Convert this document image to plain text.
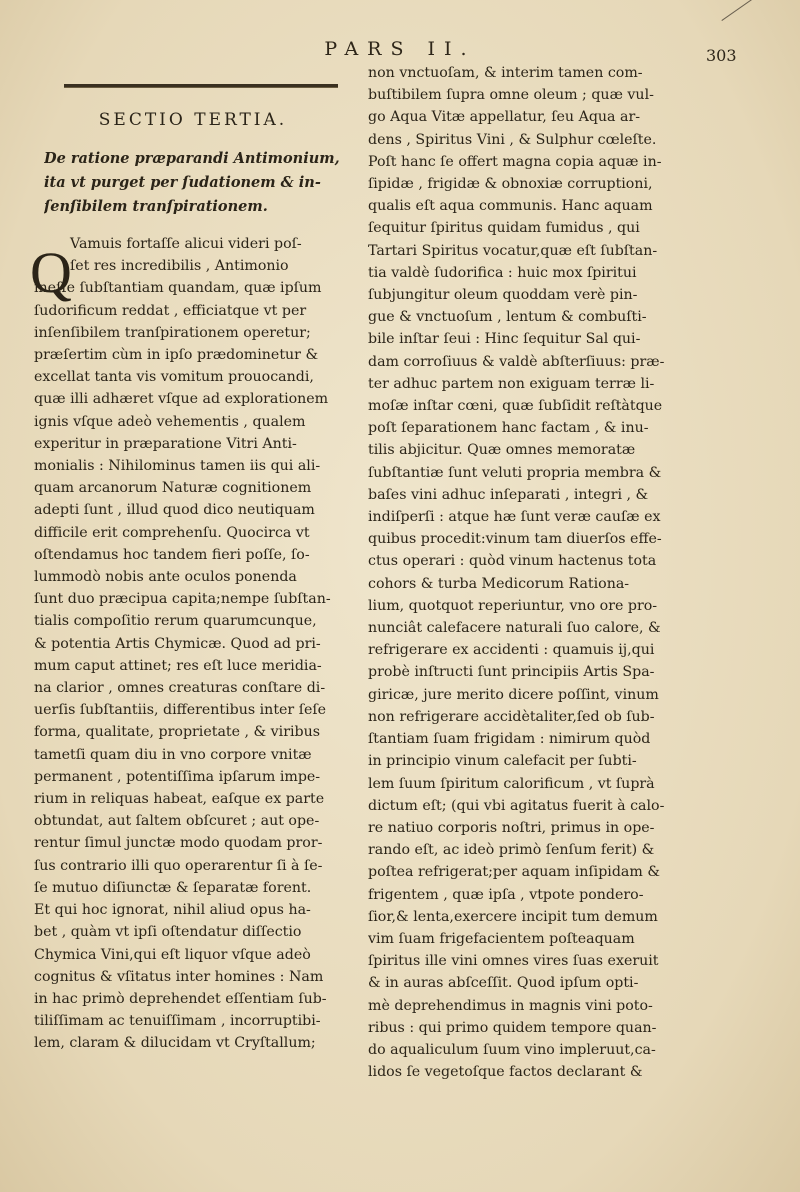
PARS II.	303
SECTIO TERTIA.
De ratione præparandi Antimonium,
ita vt purget per ſudationem & in-
ſenſibilem tranſpirationem.
Q
Vamuis fortaſſe alicui videri poſ-
ſet res incredibilis , Antimonio
ineſſe ſubſtantiam quandam, quæ ipſum
ſudorificum reddat , efficiatque vt per
inſenſibilem tranſpirationem operetur;
præſertim cùm in ipſo prædominetur &
excellat tanta vis vomitum prouocandi,
quæ illi adhæret vſque ad explorationem
ignis vſque adeò vehementis , qualem
experitur in præparatione Vitri Anti-
monialis : Nihilominus tamen iis qui ali-
quam arcanorum Naturæ cognitionem
adepti ſunt , illud quod dico neutiquam
difficile erit comprehenſu. Quocirca vt
oſtendamus hoc tandem fieri poſſe, ſo-
lummodò nobis ante oculos ponenda
ſunt duo præcipua capita;nempe ſubſtan-
tialis compoſitio rerum quarumcunque,
& potentia Artis Chymicæ. Quod ad pri-
mum caput attinet; res eſt luce meridia-
na clarior , omnes creaturas conſtare di-
uerſis ſubſtantiis, differentibus inter ſeſe
forma, qualitate, proprietate , & viribus
tametſi quam diu in vno corpore vnitæ
permanent , potentiſſima ipſarum impe-
rium in reliquas habeat, eaſque ex parte
obtundat, aut ſaltem obſcuret ; aut ope-
rentur ſimul junctæ modo quodam pror-
ſus contrario illi quo operarentur ſi à ſe-
ſe mutuo diſiunctæ & ſeparatæ forent.
Et qui hoc ignorat, nihil aliud opus ha-
bet , quàm vt ipſi oſtendatur diſſectio
Chymica Vini,qui eſt liquor vſque adeò
cognitus & vſitatus inter homines : Nam
in hac primò deprehendet eſſentiam ſub-
tiliſſimam ac tenuiſſimam , incorruptibi-
lem, claram & dilucidam vt Cryſtallum;
non vnctuoſam, & interim tamen com-
buſtibilem ſupra omne oleum ; quæ vul-
go Aqua Vitæ appellatur, ſeu Aqua ar-
dens , Spiritus Vini , & Sulphur cœleſte.
Poſt hanc ſe offert magna copia aquæ in-
ſipidæ , frigidæ & obnoxiæ corruptioni,
qualis eſt aqua communis. Hanc aquam
ſequitur ſpiritus quidam fumidus , qui
Tartari Spiritus vocatur,quæ eſt ſubſtan-
tia valdè ſudorifica : huic mox ſpiritui
ſubjungitur oleum quoddam verè pin-
gue & vnctuoſum , lentum & combuſti-
bile inſtar ſeui : Hinc ſequitur Sal qui-
dam corroſiuus & valdè abſterſiuus: præ-
ter adhuc partem non exiguam terræ li-
moſæ inſtar cœni, quæ ſubſidit reſtàtque
poſt ſeparationem hanc factam , & inu-
tilis abjicitur. Quæ omnes memoratæ
ſubſtantiæ ſunt veluti propria membra &
baſes vini adhuc inſeparati , integri , &
indiſperſi : atque hæ ſunt veræ cauſæ ex
quibus procedit:vinum tam diuerſos effe-
ctus operari : quòd vinum hactenus tota
cohors & turba Medicorum Rationa-
lium, quotquot reperiuntur, vno ore pro-
nunciât calefacere naturali ſuo calore, &
refrigerare ex accidenti : quamuis ij,qui
probè inſtructi ſunt principiis Artis Spa-
giricæ, jure merito dicere poſſint, vinum
non refrigerare accidètaliter,ſed ob ſub-
ſtantiam ſuam frigidam : nimirum quòd
in principio vinum calefacit per ſubti-
lem ſuum ſpiritum calorificum , vt ſuprà
dictum eſt; (qui vbi agitatus fuerit à calo-
re natiuo corporis noſtri, primus in ope-
rando eſt, ac ideò primò ſenſum ferit) &
poſtea refrigerat;per aquam inſipidam &
frigentem , quæ ipſa , vtpote pondero-
ſior,& lenta,exercere incipit tum demum
vim ſuam frigefacientem poſteaquam
ſpiritus ille vini omnes vires ſuas exeruit
& in auras abſceſſit. Quod ipſum opti-
mè deprehendimus in magnis vini poto-
ribus : qui primo quidem tempore quan-
do aqualiculum ſuum vino impleruut,ca-
lidos ſe vegetoſque factos declarant &
